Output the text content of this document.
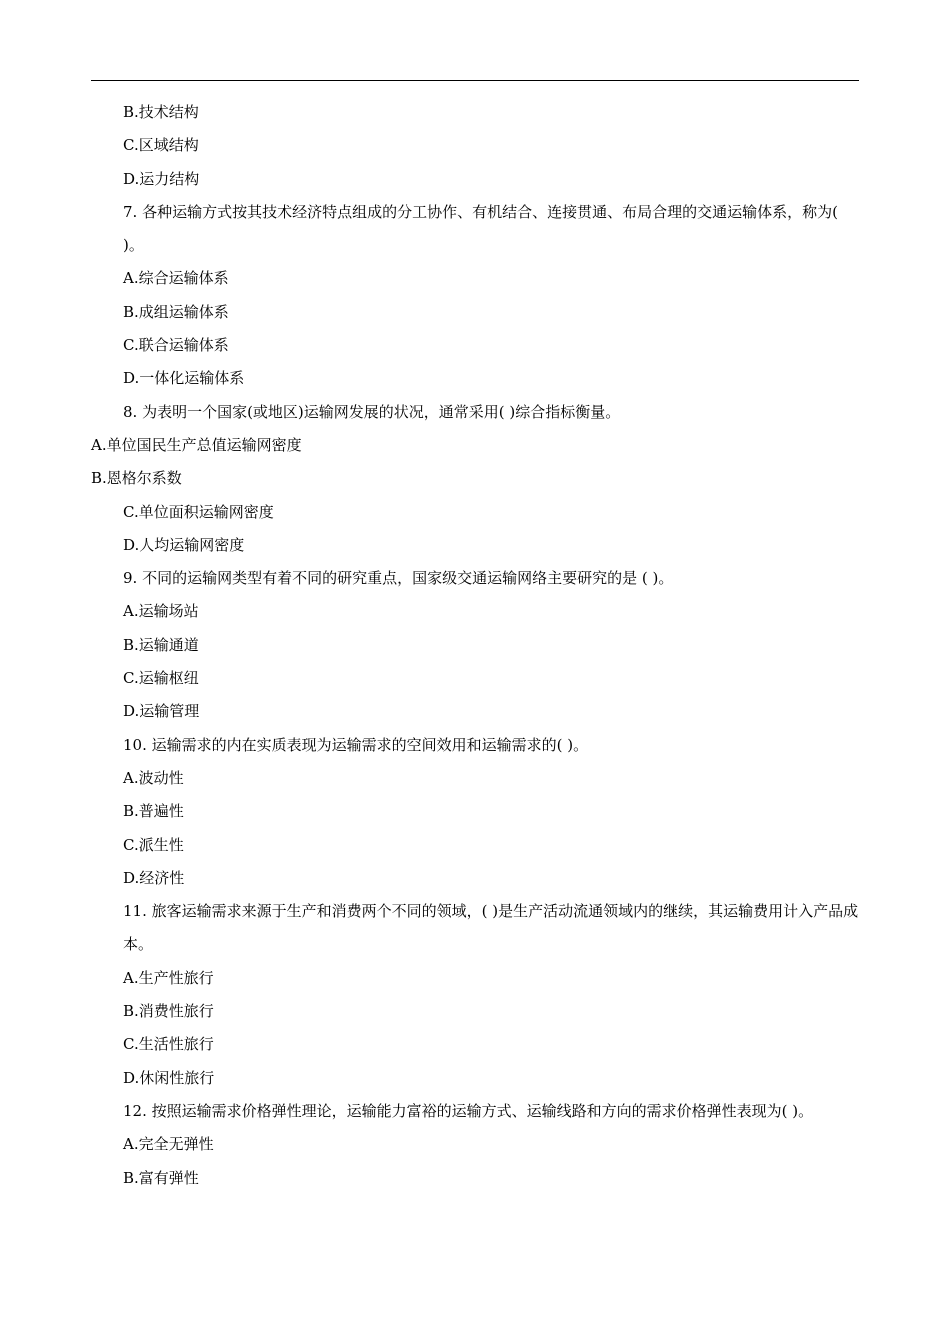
B.技术结构
C.区域结构
D.运力结构
7. 各种运输方式按其技术经济特点组成的分工协作、有机结合、连接贯通、布局合理的交通运输体系，称为( )。
A.综合运输体系
B.成组运输体系
C.联合运输体系
D.一体化运输体系
8. 为表明一个国家(或地区)运输网发展的状况，通常采用( )综合指标衡量。
A.单位国民生产总值运输网密度
B.恩格尔系数
C.单位面积运输网密度
D.人均运输网密度
9. 不同的运输网类型有着不同的研究重点，国家级交通运输网络主要研究的是 ( )。
A.运输场站
B.运输通道
C.运输枢纽
D.运输管理
10. 运输需求的内在实质表现为运输需求的空间效用和运输需求的( )。
A.波动性
B.普遍性
C.派生性
D.经济性
11. 旅客运输需求来源于生产和消费两个不同的领域，( )是生产活动流通领域内的继续，其运输费用计入产品成本。
A.生产性旅行
B.消费性旅行
C.生活性旅行
D.休闲性旅行
12. 按照运输需求价格弹性理论，运输能力富裕的运输方式、运输线路和方向的需求价格弹性表现为( )。
A.完全无弹性
B.富有弹性
